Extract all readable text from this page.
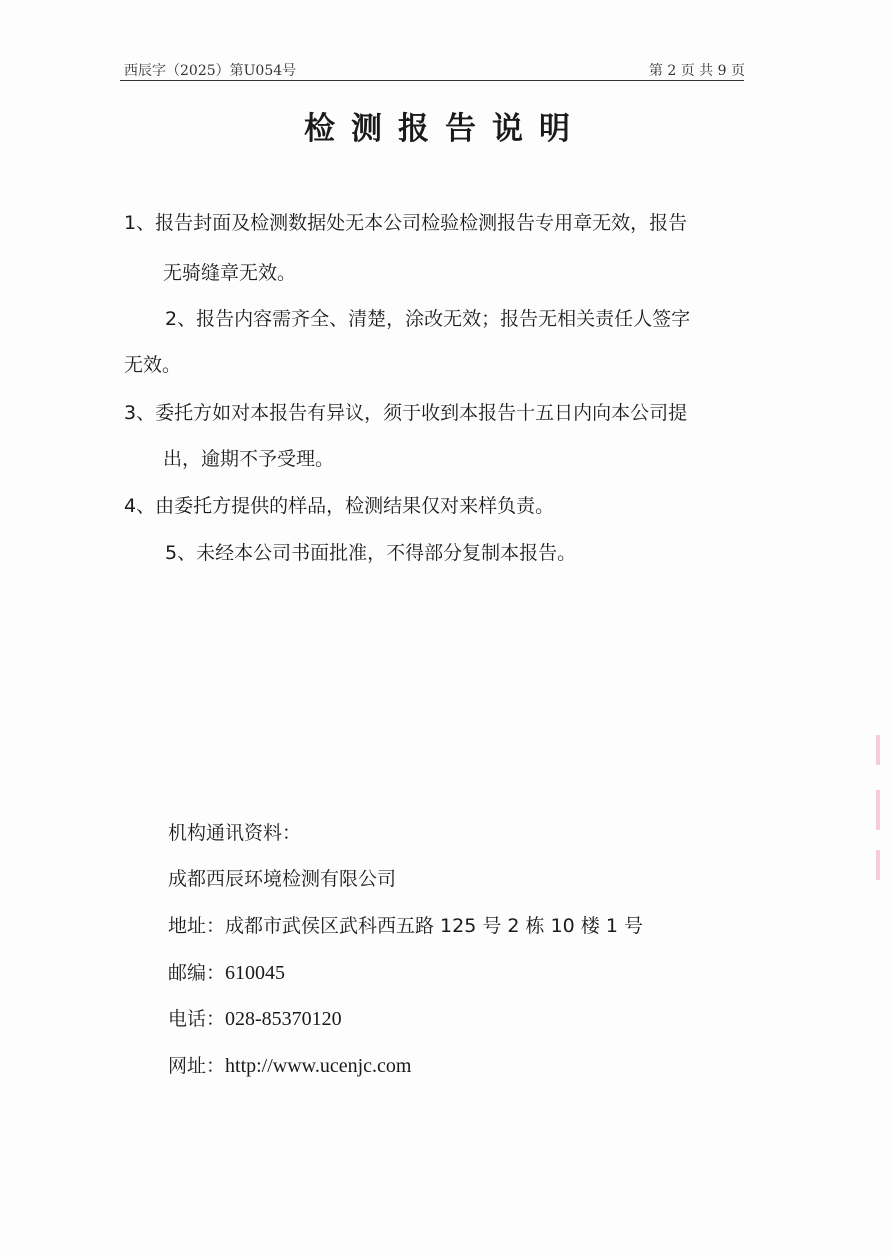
西辰字（2025）第U054号	第 2 页 共 9 页
检测报告说明
1、报告封面及检测数据处无本公司检验检测报告专用章无效，报告
无骑缝章无效。
2、报告内容需齐全、清楚，涂改无效；报告无相关责任人签字
无效。
3、委托方如对本报告有异议，须于收到本报告十五日内向本公司提
出，逾期不予受理。
4、由委托方提供的样品，检测结果仅对来样负责。
5、未经本公司书面批准，不得部分复制本报告。
机构通讯资料：
成都西辰环境检测有限公司
地址：成都市武侯区武科西五路 125 号 2 栋 10 楼 1 号
邮编：610045
电话：028-85370120
网址：http://www.ucenjc.com
